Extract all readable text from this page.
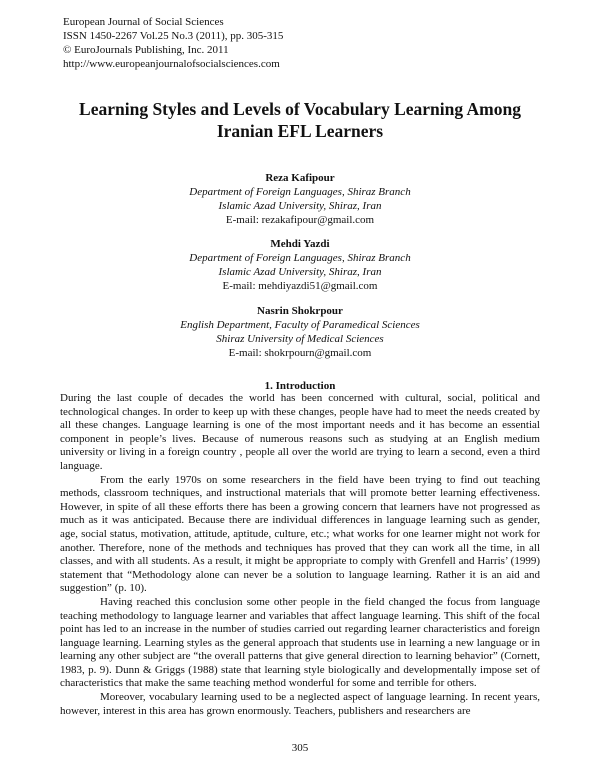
European Journal of Social Sciences
ISSN 1450-2267 Vol.25 No.3 (2011), pp. 305-315
© EuroJournals Publishing, Inc. 2011
http://www.europeanjournalofsocialsciences.com
Learning Styles and Levels of Vocabulary Learning Among
Iranian EFL Learners
Reza Kafipour
Department of Foreign Languages, Shiraz Branch
Islamic Azad University, Shiraz, Iran
E-mail: rezakafipour@gmail.com
Mehdi Yazdi
Department of Foreign Languages, Shiraz Branch
Islamic Azad University, Shiraz, Iran
E-mail: mehdiyazdi51@gmail.com
Nasrin Shokrpour
English Department, Faculty of Paramedical Sciences
Shiraz University of Medical Sciences
E-mail: shokrpourn@gmail.com
1. Introduction

During the last couple of decades the world has been concerned with cultural, social, political and technological changes. In order to keep up with these changes, people have had to meet the needs created by all these changes. Language learning is one of the most important needs and it has become an essential component in people’s lives. Because of numerous reasons such as studying at an English medium university or living in a foreign country , people all over the world are trying to learn a second, even a third language.

From the early 1970s on some researchers in the field have been trying to find out teaching methods, classroom techniques, and instructional materials that will promote better learning effectiveness. However, in spite of all these efforts there has been a growing concern that learners have not progressed as much as it was anticipated. Because there are individual differences in language learning such as gender, age, social status, motivation, attitude, aptitude, culture, etc.; what works for one learner might not work for another. Therefore, none of the methods and techniques has proved that they can work all the time, in all classes, and with all students. As a result, it might be appropriate to comply with Grenfell and Harris’ (1999) statement that “Methodology alone can never be a solution to language learning. Rather it is an aid and suggestion” (p. 10).

Having reached this conclusion some other people in the field changed the focus from language teaching methodology to language learner and variables that affect language learning. This shift of the focal point has led to an increase in the number of studies carried out regarding learner characteristics and foreign language learning. Learning styles as the general approach that students use in learning a new language or in learning any other subject are “the overall patterns that give general direction to learning behavior” (Cornett, 1983, p. 9). Dunn & Griggs (1988) state that learning style biologically and developmentally impose set of characteristics that make the same teaching method wonderful for some and terrible for others.

Moreover, vocabulary learning used to be a neglected aspect of language learning. In recent years, however, interest in this area has grown enormously. Teachers, publishers and researchers are

305
